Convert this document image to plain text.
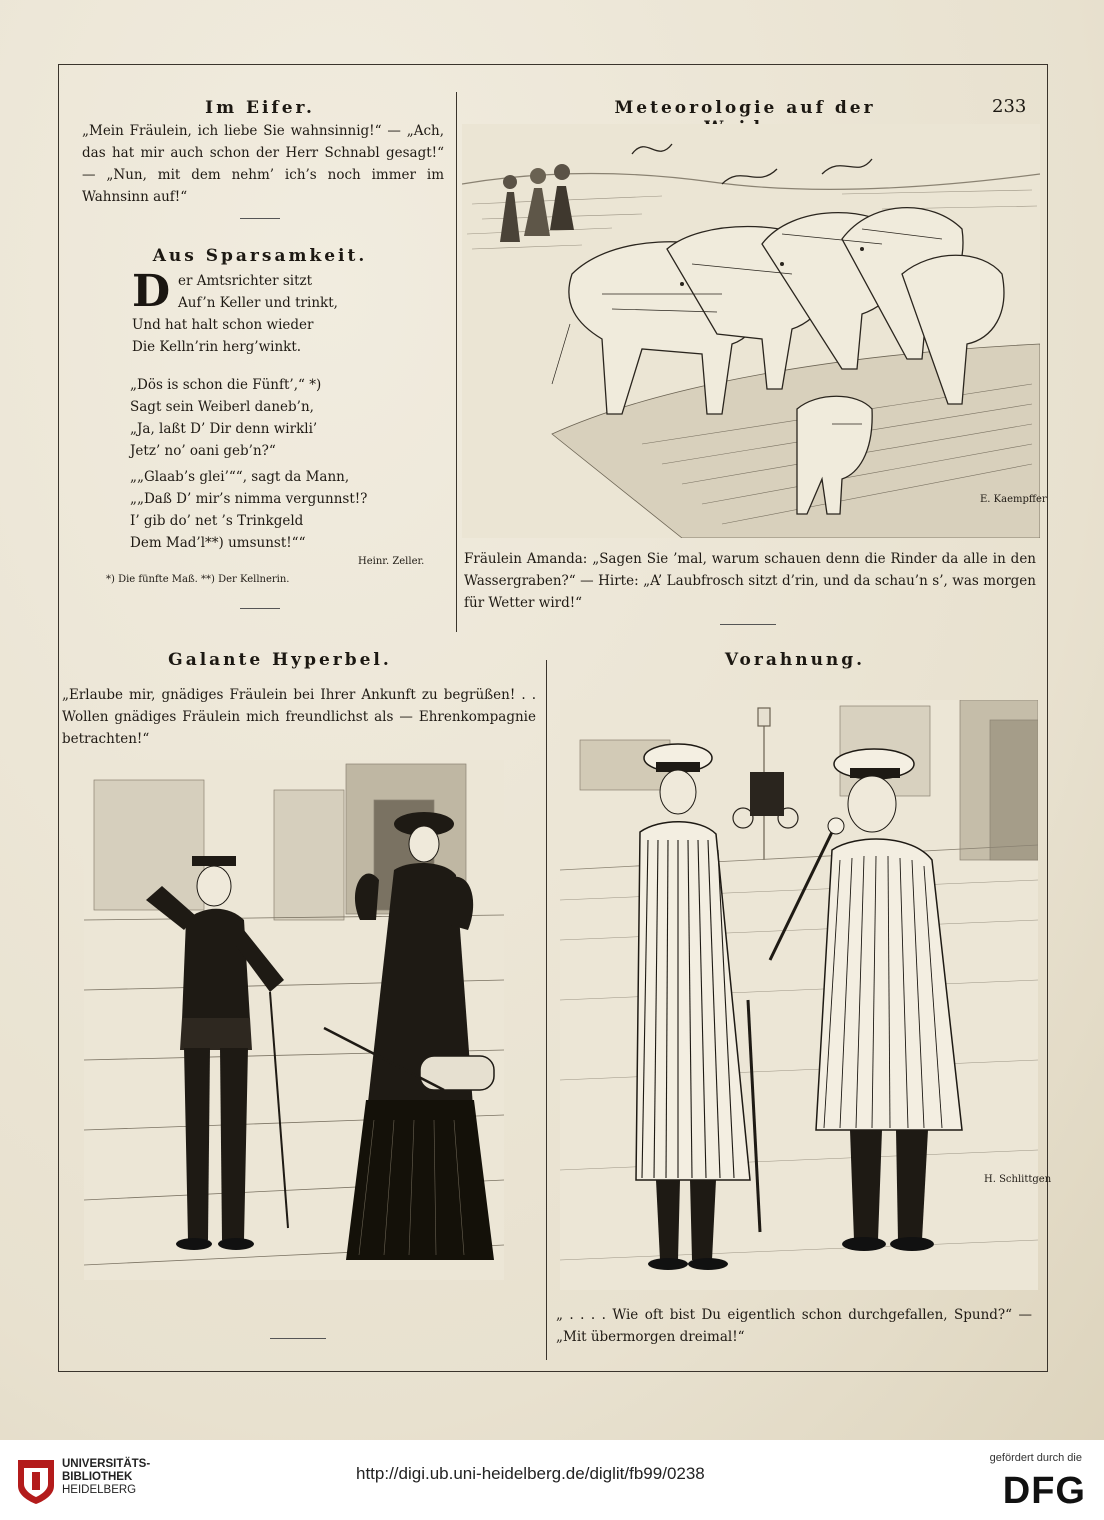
Im Eifer.
„Mein Fräulein, ich liebe Sie wahnsinnig!“ — „Ach, das hat mir auch schon der Herr Schnabl gesagt!“ — „Nun, mit dem nehm’ ich’s noch immer im Wahnsinn auf!“
Aus Sparsamkeit.
D er Amtsrichter sitzt
Auf’n Keller und trinkt,
Und hat halt schon wieder
Die Kelln’rin herg’winkt.
„Dös is schon die Fünft’,“ *)
Sagt sein Weiberl daneb’n,
„Ja, laßt D’ Dir denn wirkli’
Jetz’ no’ oani geb’n?“
„„Glaab’s glei’““, sagt da Mann,
„„Daß D’ mir’s nimma vergunnst!?
I’ gib do’ net ’s Trinkgeld
Dem Mad’l**) umsunst!““
Heinr. Zeller.
*) Die fünfte Maß. **) Der Kellnerin.
Meteorologie auf der	233
E. Kaempffer
Fräulein Amanda: „Sagen Sie ’mal, warum schauen denn die Rinder da alle in den Wassergraben?“ — Hirte: „A’ Laubfrosch sitzt d’rin, und da schau’n s’, was morgen für Wetter wird!“
Galante Hyperbel.
„Erlaube mir, gnädiges Fräulein bei Ihrer Ankunft zu begrüßen! . . Wollen gnädiges Fräulein mich freundlichst als — Ehrenkompagnie betrachten!“
Vorahnung.
H. Schlittgen
„ . . . . Wie oft bist Du eigentlich schon durchgefallen, Spund?“ — „Mit übermorgen dreimal!“
UNIVERSITÄTS-
BIBLIOTHEK
HEIDELBERG
http://digi.ub.uni-heidelberg.de/diglit/fb99/0238
gefördert durch die
DFG
